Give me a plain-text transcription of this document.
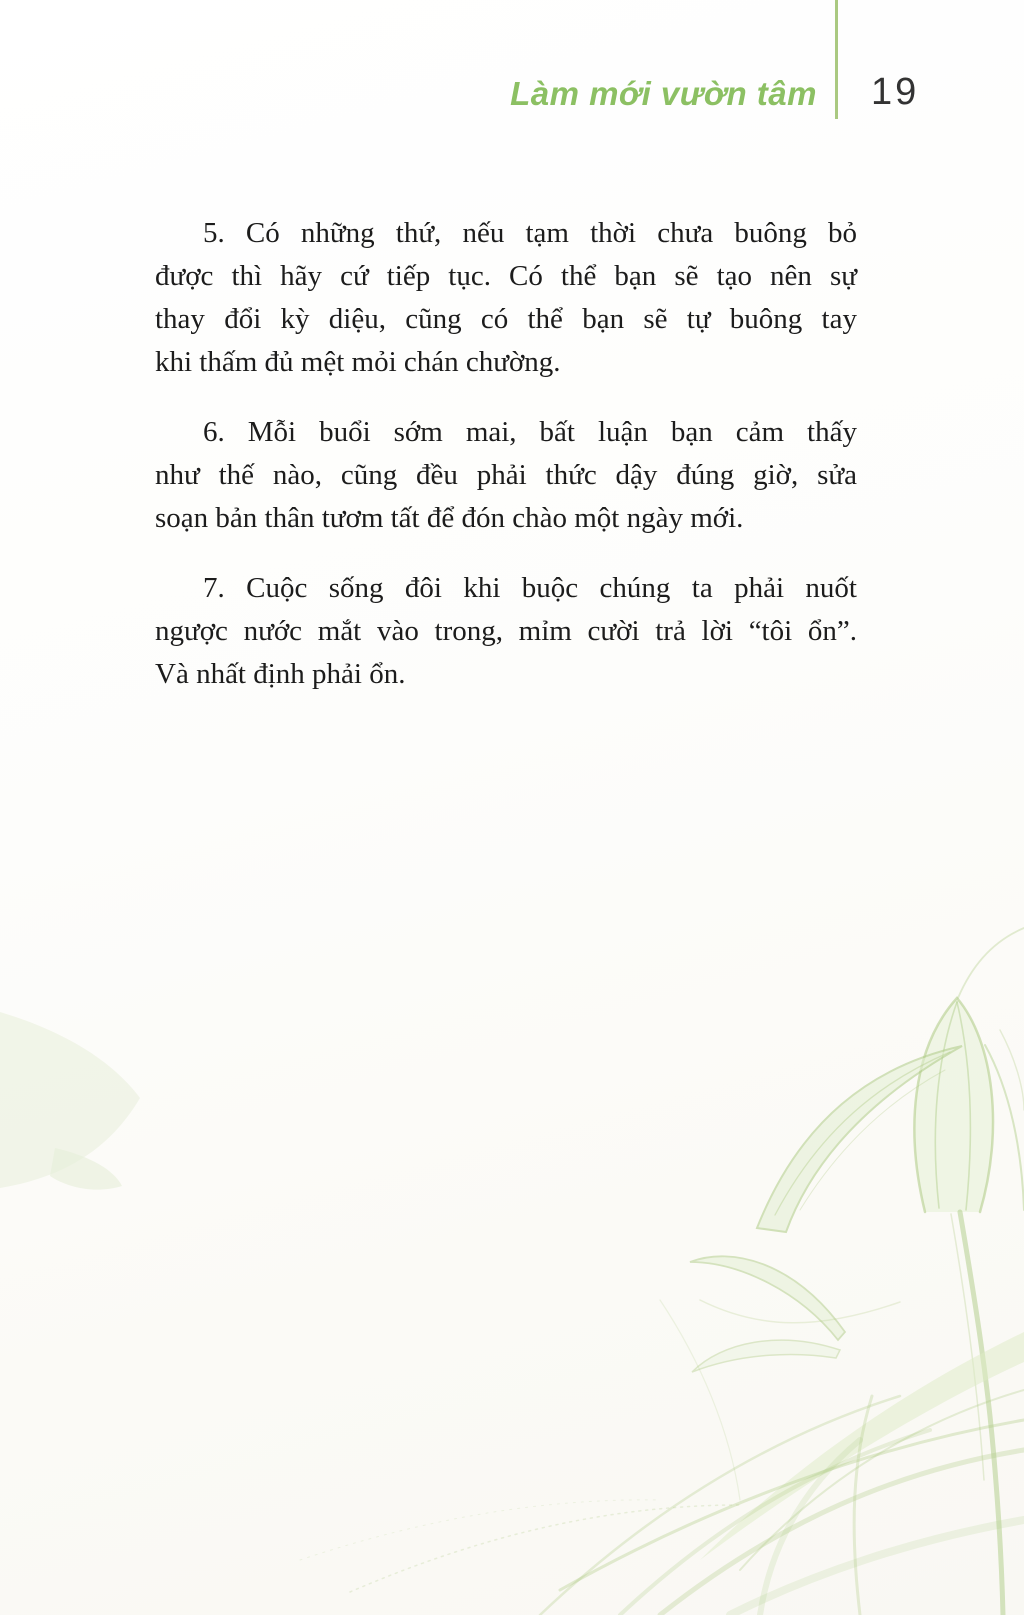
Làm mới vườn tâm 19

5. Có những thứ, nếu tạm thời chưa buông bỏ
được thì hãy cứ tiếp tục. Có thể bạn sẽ tạo nên sự
thay đổi kỳ diệu, cũng có thể bạn sẽ tự buông tay
khi thấm đủ mệt mỏi chán chường.

6. Mỗi buổi sớm mai, bất luận bạn cảm thấy
như thế nào, cũng đều phải thức dậy đúng giờ, sửa
soạn bản thân tươm tất để đón chào một ngày mới.

7. Cuộc sống đôi khi buộc chúng ta phải nuốt
ngược nước mắt vào trong, mỉm cười trả lời “tôi ổn”.
Và nhất định phải ổn.
